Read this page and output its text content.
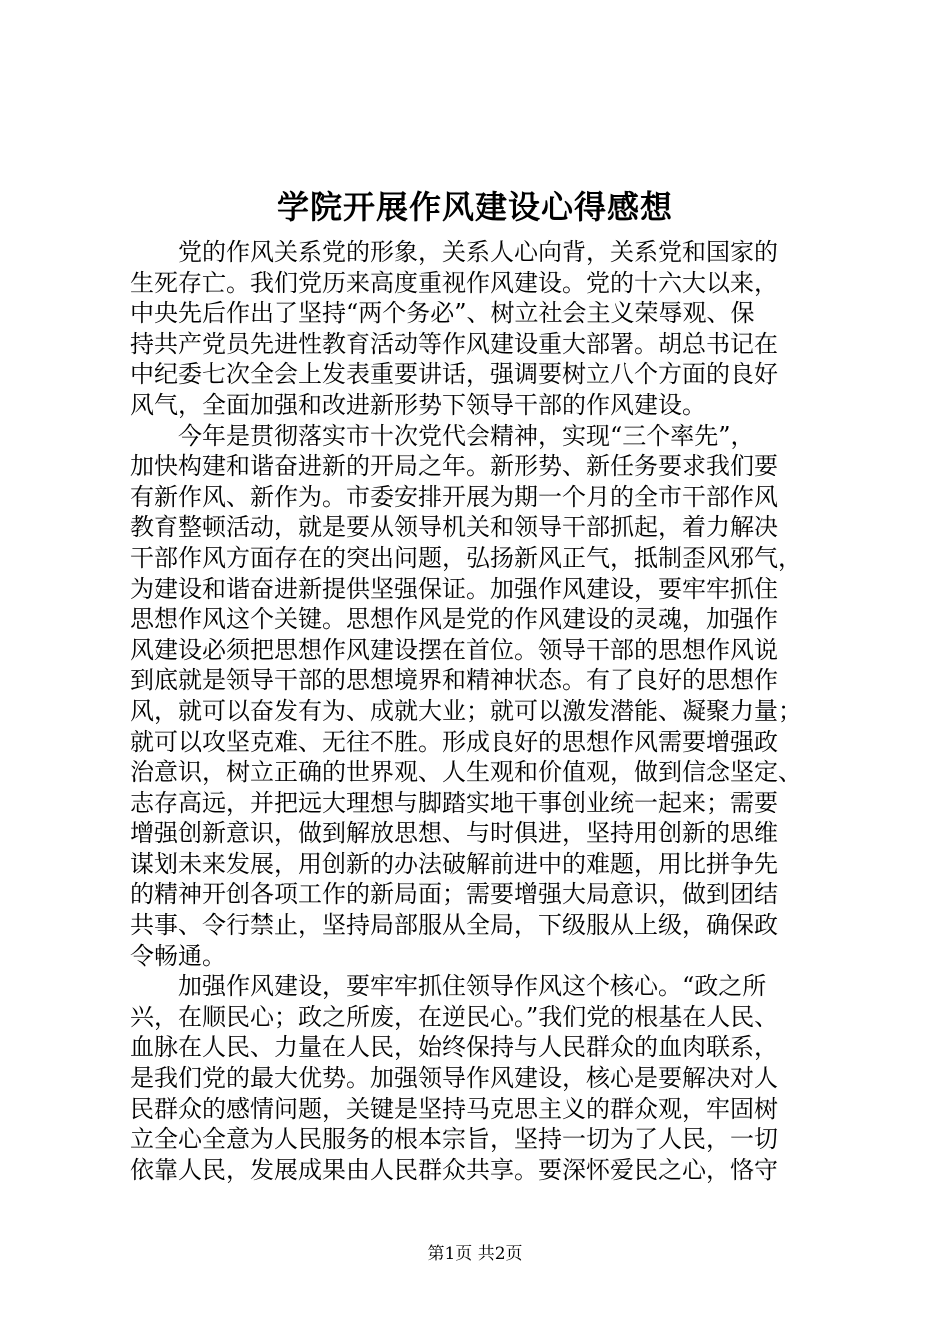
学院开展作风建设心得感想
党的作风关系党的形象，关系人心向背，关系党和国家的
生死存亡。我们党历来高度重视作风建设。党的十六大以来，
中央先后作出了坚持“两个务必”、树立社会主义荣辱观、保
持共产党员先进性教育活动等作风建设重大部署。胡总书记在
中纪委七次全会上发表重要讲话，强调要树立八个方面的良好
风气，全面加强和改进新形势下领导干部的作风建设。
今年是贯彻落实市十次党代会精神，实现“三个率先”，
加快构建和谐奋进新的开局之年。新形势、新任务要求我们要
有新作风、新作为。市委安排开展为期一个月的全市干部作风
教育整顿活动，就是要从领导机关和领导干部抓起，着力解决
干部作风方面存在的突出问题，弘扬新风正气，抵制歪风邪气，
为建设和谐奋进新提供坚强保证。加强作风建设，要牢牢抓住
思想作风这个关键。思想作风是党的作风建设的灵魂，加强作
风建设必须把思想作风建设摆在首位。领导干部的思想作风说
到底就是领导干部的思想境界和精神状态。有了良好的思想作
风，就可以奋发有为、成就大业；就可以激发潜能、凝聚力量；
就可以攻坚克难、无往不胜。形成良好的思想作风需要增强政
治意识，树立正确的世界观、人生观和价值观，做到信念坚定、
志存高远，并把远大理想与脚踏实地干事创业统一起来；需要
增强创新意识，做到解放思想、与时俱进，坚持用创新的思维
谋划未来发展，用创新的办法破解前进中的难题，用比拼争先
的精神开创各项工作的新局面；需要增强大局意识，做到团结
共事、令行禁止，坚持局部服从全局，下级服从上级，确保政
令畅通。
加强作风建设，要牢牢抓住领导作风这个核心。“政之所
兴，在顺民心；政之所废，在逆民心。”我们党的根基在人民、
血脉在人民、力量在人民，始终保持与人民群众的血肉联系，
是我们党的最大优势。加强领导作风建设，核心是要解决对人
民群众的感情问题，关键是坚持马克思主义的群众观，牢固树
立全心全意为人民服务的根本宗旨，坚持一切为了人民，一切
依靠人民，发展成果由人民群众共享。要深怀爱民之心，恪守
第1页 共2页
